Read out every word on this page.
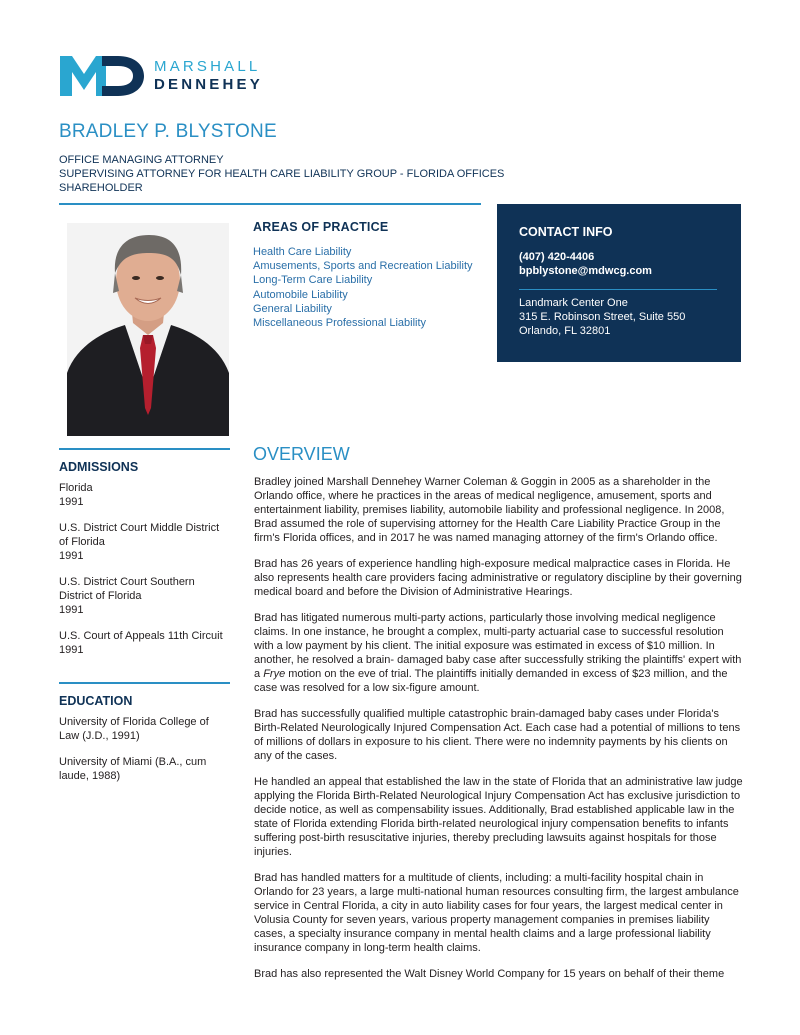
MARSHALL
DENNEHEY
BRADLEY P. BLYSTONE
OFFICE MANAGING ATTORNEY
SUPERVISING ATTORNEY FOR HEALTH CARE LIABILITY GROUP - FLORIDA OFFICES
SHAREHOLDER
AREAS OF PRACTICE
Health Care Liability
Amusements, Sports and Recreation Liability
Long-Term Care Liability
Automobile Liability
General Liability
Miscellaneous Professional Liability
CONTACT INFO
(407) 420-4406
bpblystone@mdwcg.com
Landmark Center One
315 E. Robinson Street, Suite 550
Orlando, FL 32801
ADMISSIONS
Florida
1991
U.S. District Court Middle District of Florida
1991
U.S. District Court Southern District of Florida
1991
U.S. Court of Appeals 11th Circuit
1991
EDUCATION
University of Florida College of Law (J.D., 1991)
University of Miami (B.A., cum laude, 1988)
OVERVIEW

Bradley joined Marshall Dennehey Warner Coleman & Goggin in 2005 as a shareholder in the Orlando office, where he practices in the areas of medical negligence, amusement, sports and entertainment liability, premises liability, automobile liability and professional negligence. In 2008, Brad assumed the role of supervising attorney for the Health Care Liability Practice Group in the firm's Florida offices, and in 2017 he was named managing attorney of the firm's Orlando office.

Brad has 26 years of experience handling high-exposure medical malpractice cases in Florida. He also represents health care providers facing administrative or regulatory discipline by their governing medical board and before the Division of Administrative Hearings.

Brad has litigated numerous multi-party actions, particularly those involving medical negligence claims. In one instance, he brought a complex, multi-party actuarial case to successful resolution with a low payment by his client. The initial exposure was estimated in excess of $10 million. In another, he resolved a brain- damaged baby case after successfully striking the plaintiffs' expert with a Frye motion on the eve of trial. The plaintiffs initially demanded in excess of $23 million, and the case was resolved for a low six-figure amount.

Brad has successfully qualified multiple catastrophic brain-damaged baby cases under Florida's Birth-Related Neurologically Injured Compensation Act. Each case had a potential of millions to tens of millions of dollars in exposure to his client. There were no indemnity payments by his clients on any of the cases.

He handled an appeal that established the law in the state of Florida that an administrative law judge applying the Florida Birth-Related Neurological Injury Compensation Act has exclusive jurisdiction to decide notice, as well as compensability issues. Additionally, Brad established applicable law in the state of Florida extending Florida birth-related neurological injury compensation benefits to infants suffering post-birth resuscitative injuries, thereby precluding lawsuits against hospitals for those injuries.

Brad has handled matters for a multitude of clients, including: a multi-facility hospital chain in Orlando for 23 years, a large multi-national human resources consulting firm, the largest ambulance service in Central Florida, a city in auto liability cases for four years, the largest medical center in Volusia County for seven years, various property management companies in premises liability cases, a specialty insurance company in mental health claims and a large professional liability insurance company in long-term health claims.

Brad has also represented the Walt Disney World Company for 15 years on behalf of their theme
